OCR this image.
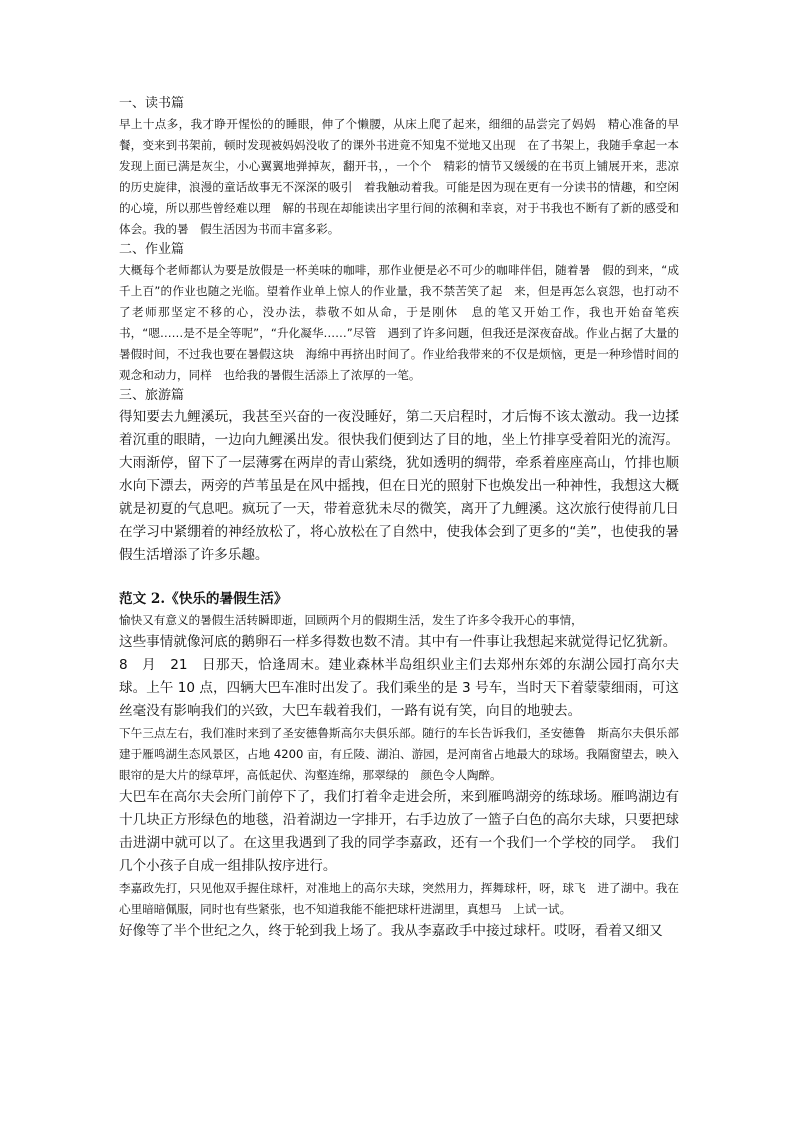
一、读书篇

早上十点多，我才睁开惺忪的的睡眼，伸了个懒腰，从床上爬了起来，细细的品尝完了妈妈　精心准备的早餐，变来到书架前，顿时发现被妈妈没收了的课外书进竟不知鬼不觉地又出现　在了书架上，我随手拿起一本发现上面已满是灰尘，小心翼翼地弹掉灰，翻开书，，一个个　精彩的情节又缓缓的在书页上铺展开来，悲凉的历史旋律，浪漫的童话故事无不深深的吸引　着我触动着我。可能是因为现在更有一分读书的情趣，和空闲的心境，所以那些曾经难以理　解的书现在却能读出字里行间的浓稠和幸哀，对于书我也不断有了新的感受和体会。我的暑　假生活因为书而丰富多彩。

二、作业篇

大概每个老师都认为要是放假是一杯美味的咖啡，那作业便是必不可少的咖啡伴侣，随着暑　假的到来，“成千上百”的作业也随之光临。望着作业单上惊人的作业量，我不禁苦笑了起　来，但是再怎么哀怨，也打动不了老师那坚定不移的心，没办法，恭敬不如从命，于是刚休　息的笔又开始工作，我也开始奋笔疾书，“嗯……是不是全等呢”，“升化凝华……”尽管　遇到了许多问题，但我还是深夜奋战。作业占据了大量的暑假时间，不过我也要在暑假这块　海绵中再挤出时间了。作业给我带来的不仅是烦恼，更是一种珍惜时间的观念和动力，同样　也给我的暑假生活添上了浓厚的一笔。

三、旅游篇

得知要去九鲤溪玩，我甚至兴奋的一夜没睡好，第二天启程时，才后悔不该太激动。我一边揉着沉重的眼睛，一边向九鲤溪出发。很快我们便到达了目的地，坐上竹排享受着阳光的流泻。大雨渐停，留下了一层薄雾在两岸的青山萦绕，犹如透明的绸带，牵系着座座高山，竹排也顺水向下漂去，两旁的芦苇虽是在风中摇拽，但在日光的照射下也焕发出一种神性，我想这大概就是初夏的气息吧。疯玩了一天，带着意犹未尽的微笑，离开了九鲤溪。这次旅行使得前几日在学习中紧绷着的神经放松了，将心放松在了自然中，使我体会到了更多的“美”，也使我的暑假生活增添了许多乐趣。

范文 2.《快乐的暑假生活》

愉快又有意义的暑假生活转瞬即逝，回顾两个月的假期生活，发生了许多令我开心的事情，

这些事情就像河底的鹅卵石一样多得数也数不清。其中有一件事让我想起来就觉得记忆犹新。

8　月　21　日那天，恰逢周末。建业森林半岛组织业主们去郑州东郊的东湖公园打高尔夫球。上午 10 点，四辆大巴车准时出发了。我们乘坐的是 3 号车，当时天下着蒙蒙细雨，可这丝毫没有影响我们的兴致，大巴车载着我们，一路有说有笑，向目的地驶去。

下午三点左右，我们准时来到了圣安德鲁斯高尔夫俱乐部。随行的车长告诉我们，圣安德鲁　斯高尔夫俱乐部建于雁鸣湖生态风景区，占地 4200 亩，有丘陵、湖泊、游园，是河南省占地最大的球场。我隔窗望去，映入眼帘的是大片的绿草坪，高低起伏、沟壑连绵，那翠绿的　颜色令人陶醉。

大巴车在高尔夫会所门前停下了，我们打着伞走进会所，来到雁鸣湖旁的练球场。雁鸣湖边有十几块正方形绿色的地毯，沿着湖边一字排开，右手边放了一篮子白色的高尔夫球，只要把球击进湖中就可以了。在这里我遇到了我的同学李嘉政，还有一个我们一个学校的同学。　我们几个小孩子自成一组排队按序进行。

李嘉政先打，只见他双手握住球杆，对准地上的高尔夫球，突然用力，挥舞球杆，呀，球飞　进了湖中。我在心里暗暗佩服，同时也有些紧张，也不知道我能不能把球杆进湖里，真想马　上试一试。

好像等了半个世纪之久，终于轮到我上场了。我从李嘉政手中接过球杆。哎呀，看着又细又
